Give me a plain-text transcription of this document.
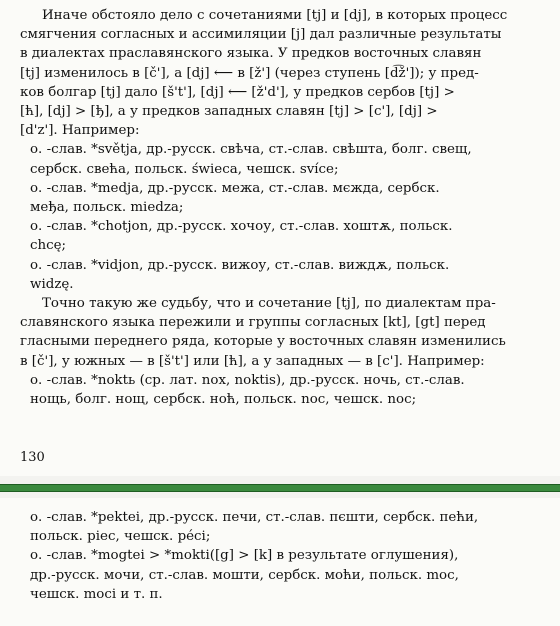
Иначе обстояло дело с сочетаниями [tj] и [dj], в которых процесс

смягчения согласных и ассимиляции [j] дал различные результаты

в диалектах праславянского языка. У предков восточных славян

[tj] изменилось в [č'], а [dj] ⟵ в [ž'] (через ступень [d͡ž']); у пред-

ков болгар [tj] дало [š't'], [dj] ⟵ [ž'd'], у предков сербов [tj] >

[ћ], [dj] > [ђ], а у предков западных славян [tj] > [c'], [dj] >

[d'z']. Например:

о. -слав. *světja, др.-русск. свѣча, ст.-слав. свѣшта, болг. свещ,

сербск. свећа, польск. świeca, чешск. svíce;

о. -слав. *medja, др.-русск. межа, ст.-слав. мєжда, сербск.

међа, польск. miedza;

о. -слав. *chotjon, др.-русск. хочоу, ст.-слав. хоштѫ, польск.

chcę;

о. -слав. *vidjon, др.-русск. вижоу, ст.-слав. виждѫ, польск.

widzę.

Точно такую же судьбу, что и сочетание [tj], по диалектам пра-

славянского языка пережили и группы согласных [kt], [gt] перед

гласными переднего ряда, которые у восточных славян изменились

в [č'], у южных — в [š't'] или [ћ], а у западных — в [c']. Например:

о. -слав. *noktь (ср. лат. nox, noktis), др.-русск. ночь, ст.-слав.

нощь, болг. нощ, сербск. ноћ, польск. noc, чешск. noc;

130

о. -слав. *pektei, др.-русск. печи, ст.-слав. пєшти, сербск. пећи,

польск. piec, чешск. péci;

о. -слав. *mogtei > *mokti([g] > [k] в результате оглушения),

др.-русск. мочи, ст.-слав. мошти, сербск. моћи, польск. moc,

чешск. moci и т. п.
